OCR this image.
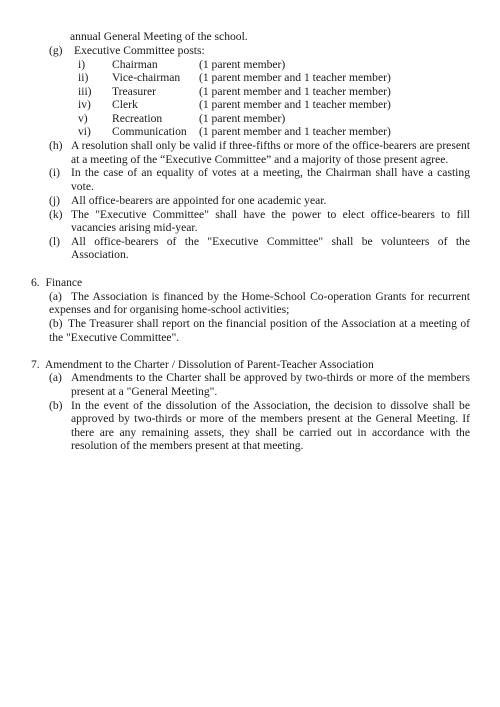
annual General Meeting of the school.
(g) Executive Committee posts:
i) Chairman	(1 parent member)
ii) Vice-chairman (1 parent member and 1 teacher member)
iii) Treasurer	(1 parent member and 1 teacher member)
iv) Clerk	(1 parent member and 1 teacher member)
v) Recreation	(1 parent member)
vi) Communication (1 parent member and 1 teacher member)
(h) A resolution shall only be valid if three-fifths or more of the office-bearers are present
at a meeting of the “Executive Committee” and a majority of those present agree.
(i) In the case of an equality of votes at a meeting, the Chairman shall have a casting
vote.
(j) All office-bearers are appointed for one academic year.
(k) The "Executive Committee" shall have the power to elect office-bearers to fill
vacancies arising mid-year.
(l) All office-bearers of the "Executive Committee" shall be volunteers of the
Association.
6.  Finance
(a) The Association is financed by the Home-School Co-operation Grants for recurrent
expenses and for organising home-school activities;
(b) The Treasurer shall report on the financial position of the Association at a meeting of
the "Executive Committee".
7.  Amendment to the Charter / Dissolution of Parent-Teacher Association
(a) Amendments to the Charter shall be approved by two-thirds or more of the members
present at a "General Meeting".
(b) In the event of the dissolution of the Association, the decision to dissolve shall be
approved by two-thirds or more of the members present at the General Meeting. If
there are any remaining assets, they shall be carried out in accordance with the
resolution of the members present at that meeting.
